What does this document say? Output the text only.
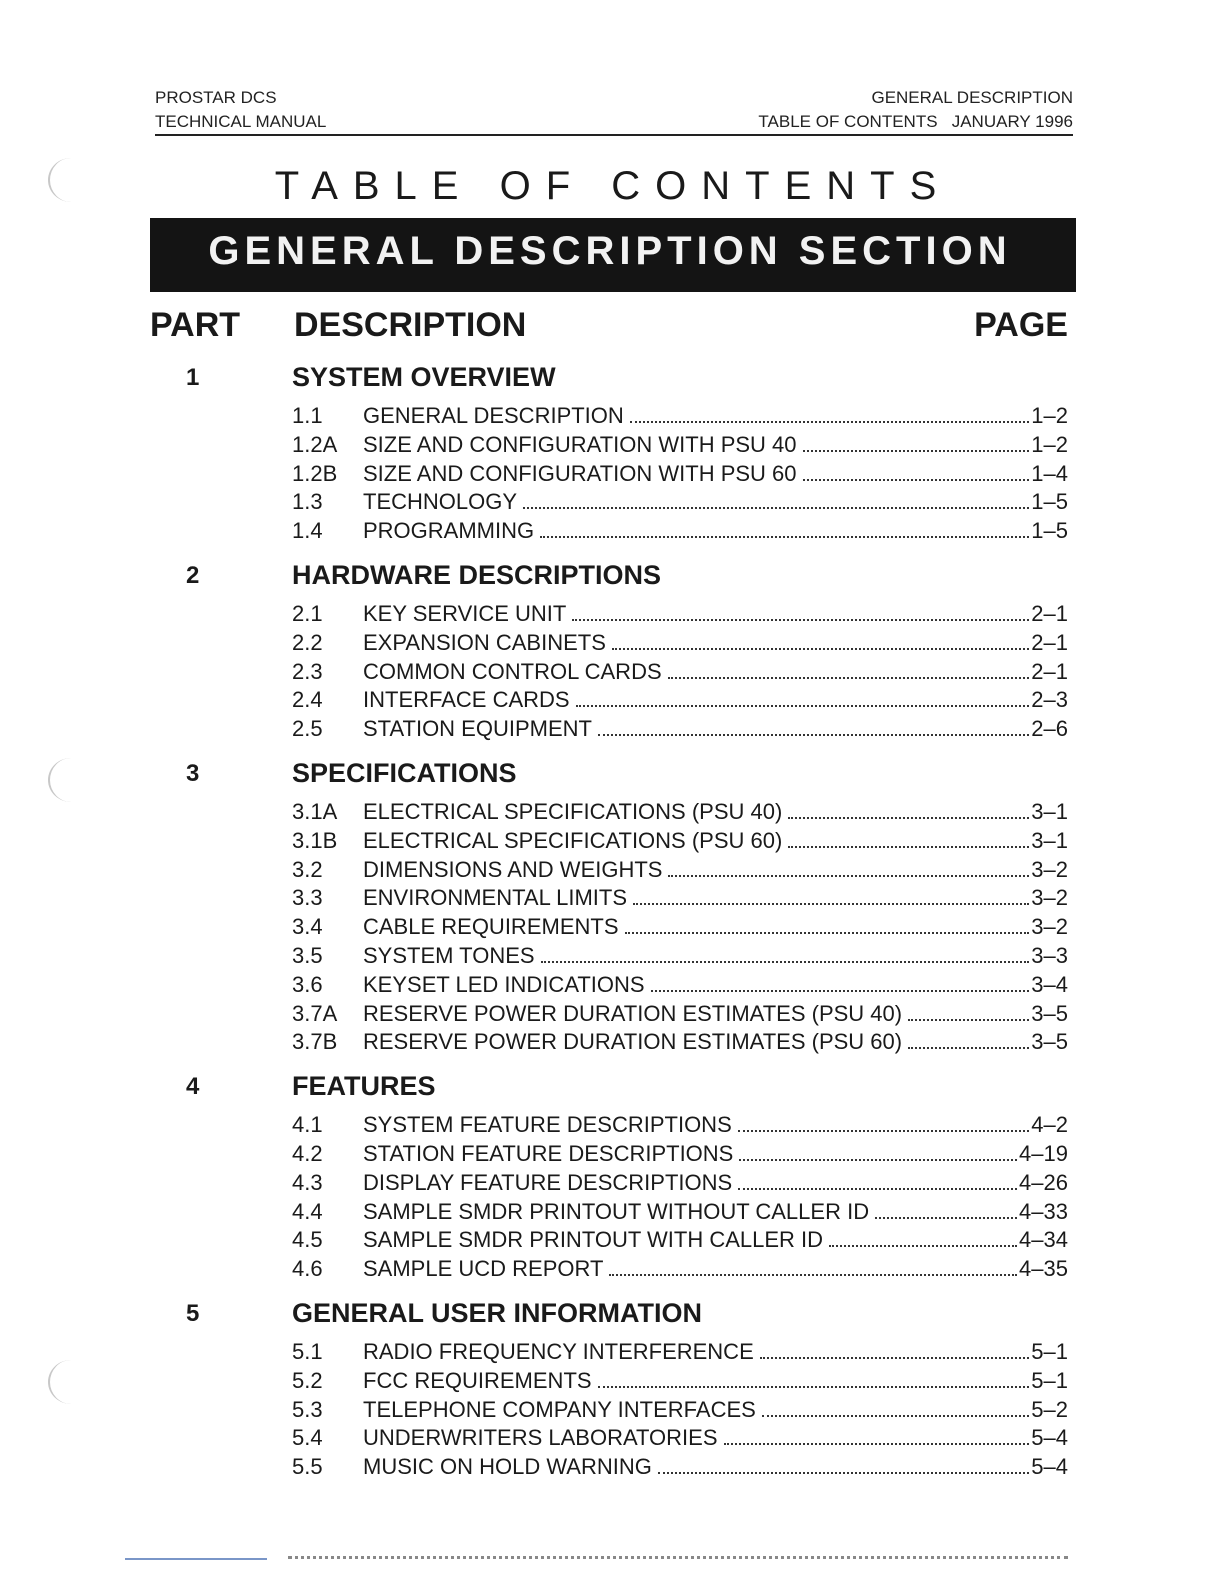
PROSTAR DCS
TECHNICAL MANUAL
GENERAL DESCRIPTION
TABLE OF CONTENTS   JANUARY 1996
TABLE OF CONTENTS
GENERAL DESCRIPTION SECTION
PART DESCRIPTION	PAGE
1	SYSTEM OVERVIEW
1.1	GENERAL DESCRIPTION	1–2
1.2A	SIZE AND CONFIGURATION WITH PSU 40	1–2
1.2B	SIZE AND CONFIGURATION WITH PSU 60	1–4
1.3	TECHNOLOGY	1–5
1.4	PROGRAMMING	1–5
2	HARDWARE DESCRIPTIONS
2.1	KEY SERVICE UNIT	2–1
2.2	EXPANSION CABINETS	2–1
2.3	COMMON CONTROL CARDS	2–1
2.4	INTERFACE CARDS	2–3
2.5	STATION EQUIPMENT	2–6
3	SPECIFICATIONS
3.1A	ELECTRICAL SPECIFICATIONS (PSU 40)	3–1
3.1B	ELECTRICAL SPECIFICATIONS (PSU 60)	3–1
3.2	DIMENSIONS AND WEIGHTS	3–2
3.3	ENVIRONMENTAL LIMITS	3–2
3.4	CABLE REQUIREMENTS	3–2
3.5	SYSTEM TONES	3–3
3.6	KEYSET LED INDICATIONS	3–4
3.7A	RESERVE POWER DURATION ESTIMATES (PSU 40)	3–5
3.7B	RESERVE POWER DURATION ESTIMATES (PSU 60)	3–5
4	FEATURES
4.1	SYSTEM FEATURE DESCRIPTIONS	4–2
4.2	STATION FEATURE DESCRIPTIONS	4–19
4.3	DISPLAY FEATURE DESCRIPTIONS	4–26
4.4	SAMPLE SMDR PRINTOUT WITHOUT CALLER ID	4–33
4.5	SAMPLE SMDR PRINTOUT WITH CALLER ID	4–34
4.6	SAMPLE UCD REPORT	4–35
5	GENERAL USER INFORMATION
5.1	RADIO FREQUENCY INTERFERENCE	5–1
5.2	FCC REQUIREMENTS	5–1
5.3	TELEPHONE COMPANY INTERFACES	5–2
5.4	UNDERWRITERS LABORATORIES	5–4
5.5	MUSIC ON HOLD WARNING	5–4
